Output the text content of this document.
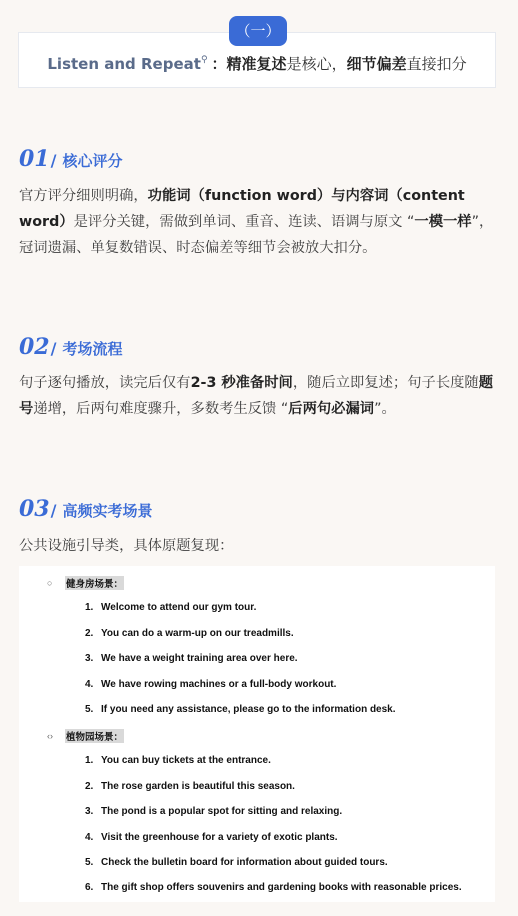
（一）
Listen and Repeat⚲ ：精准复述是核心，细节偏差直接扣分
01 / 核心评分
官方评分细则明确，功能词（function word）与内容词（content word）是评分关键，需做到单词、重音、连读、语调与原文 “一模一样”，冠词遗漏、单复数错误、时态偏差等细节会被放大扣分。
02 / 考场流程
句子逐句播放，读完后仅有2-3 秒准备时间，随后立即复述；句子长度随题号递增，后两句难度骤升，多数考生反馈 “后两句必漏词”。
03 / 高频实考场景
公共设施引导类，具体原题复现：
○	健身房场景：
1. Welcome to attend our gym tour.
2. You can do a warm-up on our treadmills.
3. We have a weight training area over here.
4. We have rowing machines or a full-body workout.
5. If you need any assistance, please go to the information desk.
‹›	植物园场景：
1. You can buy tickets at the entrance.
2. The rose garden is beautiful this season.
3. The pond is a popular spot for sitting and relaxing.
4. Visit the greenhouse for a variety of exotic plants.
5. Check the bulletin board for information about guided tours.
6. The gift shop offers souvenirs and gardening books with reasonable prices.
